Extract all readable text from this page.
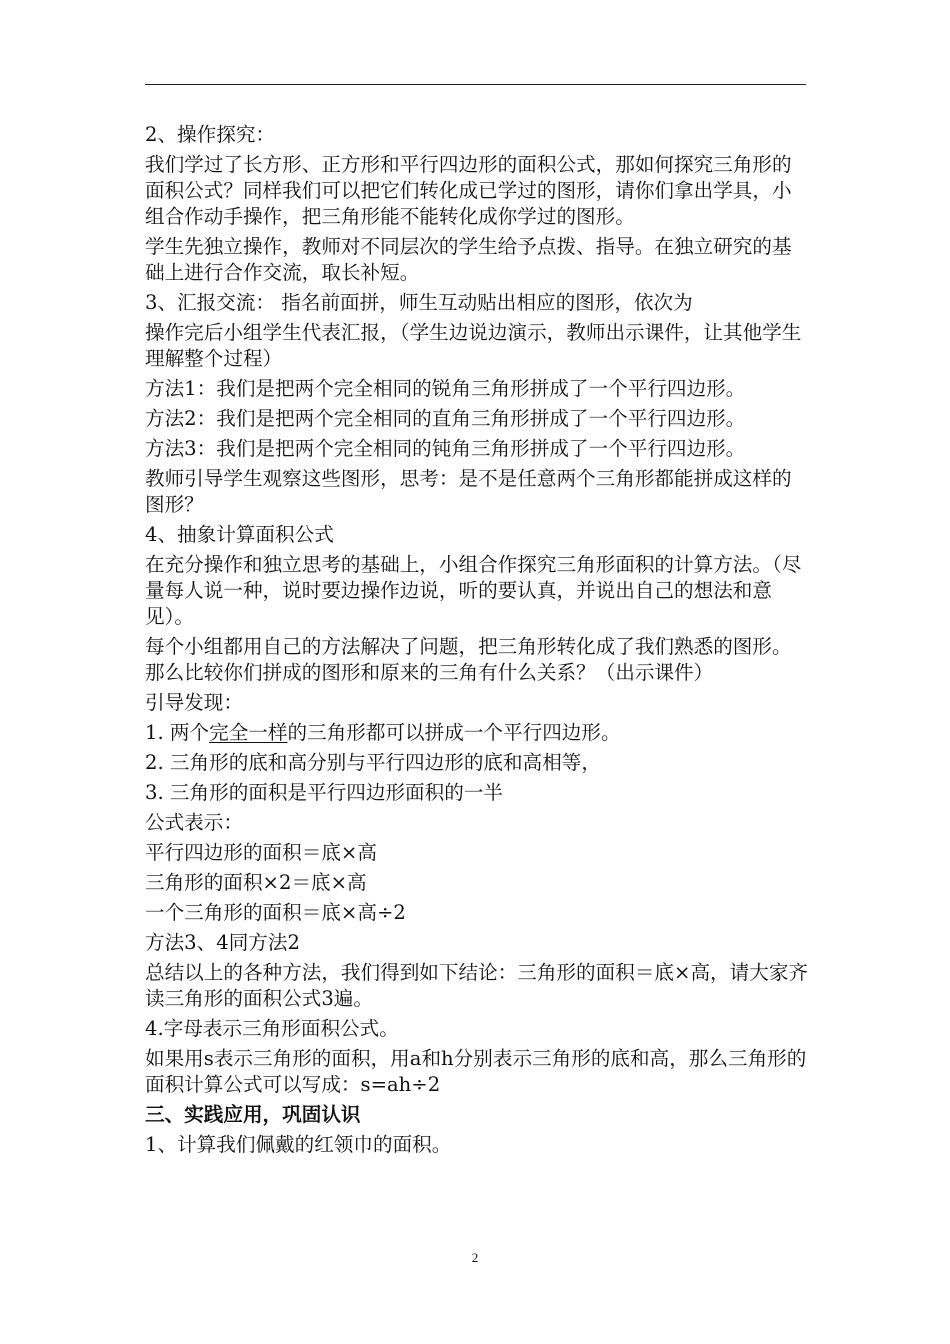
2、操作探究：

我们学过了长方形、正方形和平行四边形的面积公式，那如何探究三角形的面积公式？同样我们可以把它们转化成已学过的图形，请你们拿出学具，小组合作动手操作，把三角形能不能转化成你学过的图形。

学生先独立操作，教师对不同层次的学生给予点拨、指导。在独立研究的基础上进行合作交流，取长补短。

3、汇报交流： 指名前面拼，师生互动贴出相应的图形，依次为

操作完后小组学生代表汇报，（学生边说边演示，教师出示课件，让其他学生理解整个过程）

方法1：我们是把两个完全相同的锐角三角形拼成了一个平行四边形。

方法2：我们是把两个完全相同的直角三角形拼成了一个平行四边形。

方法3：我们是把两个完全相同的钝角三角形拼成了一个平行四边形。

教师引导学生观察这些图形，思考：是不是任意两个三角形都能拼成这样的图形？

4、抽象计算面积公式

在充分操作和独立思考的基础上，小组合作探究三角形面积的计算方法。（尽量每人说一种，说时要边操作边说，听的要认真，并说出自己的想法和意见）。

每个小组都用自己的方法解决了问题，把三角形转化成了我们熟悉的图形。那么比较你们拼成的图形和原来的三角有什么关系？（出示课件）

引导发现：

1. 两个完全一样的三角形都可以拼成一个平行四边形。

2. 三角形的底和高分别与平行四边形的底和高相等，

3. 三角形的面积是平行四边形面积的一半

公式表示：

平行四边形的面积＝底×高

三角形的面积×2＝底×高

一个三角形的面积＝底×高÷2

方法3、4同方法2

总结以上的各种方法，我们得到如下结论：三角形的面积＝底×高，请大家齐读三角形的面积公式3遍。

4.字母表示三角形面积公式。

如果用s表示三角形的面积，用a和h分别表示三角形的底和高，那么三角形的面积计算公式可以写成：s=ah÷2

三、实践应用，巩固认识

1、计算我们佩戴的红领巾的面积。

2
